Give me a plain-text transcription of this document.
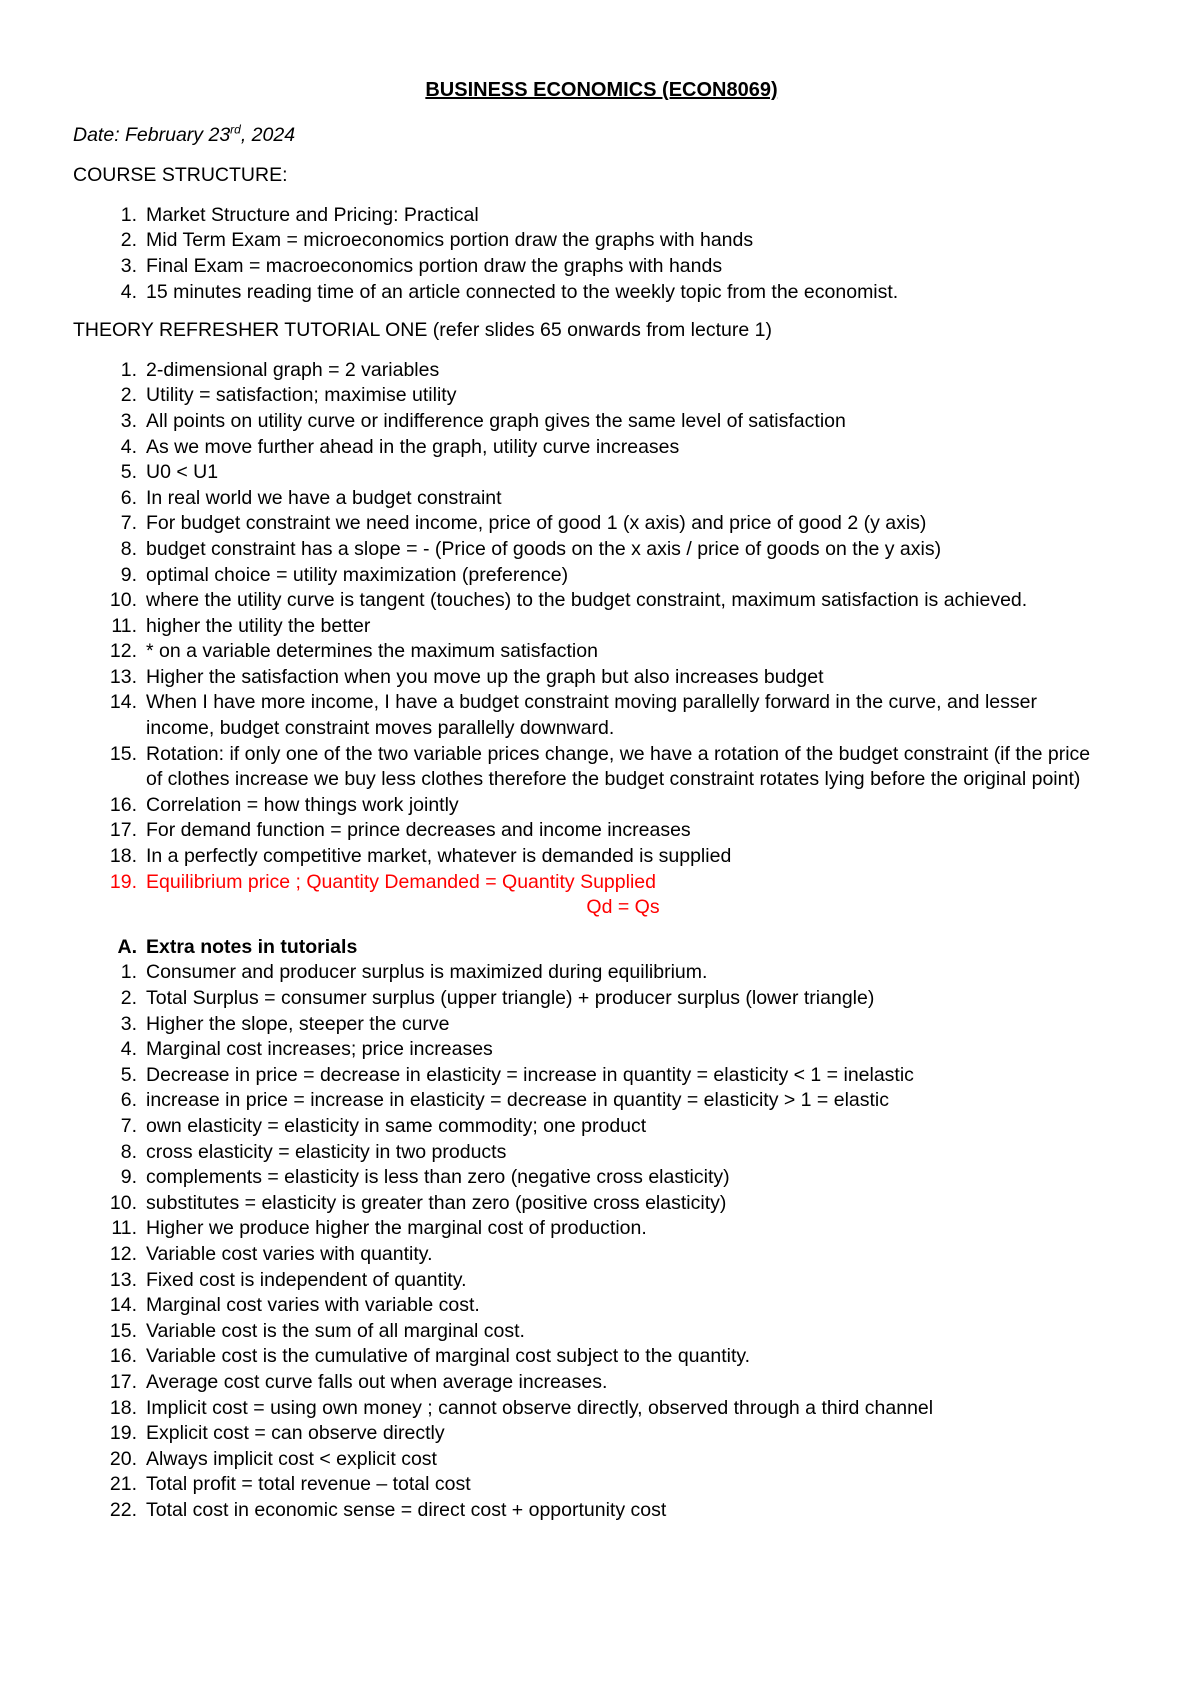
BUSINESS ECONOMICS (ECON8069)
Date: February 23rd, 2024
COURSE STRUCTURE:
1. Market Structure and Pricing: Practical
2. Mid Term Exam = microeconomics portion draw the graphs with hands
3. Final Exam = macroeconomics portion draw the graphs with hands
4. 15 minutes reading time of an article connected to the weekly topic from the economist.
THEORY REFRESHER TUTORIAL ONE (refer slides 65 onwards from lecture 1)
1. 2-dimensional graph = 2 variables
2. Utility = satisfaction; maximise utility
3. All points on utility curve or indifference graph gives the same level of satisfaction
4. As we move further ahead in the graph, utility curve increases
5. U0 < U1
6. In real world we have a budget constraint
7. For budget constraint we need income, price of good 1 (x axis) and price of good 2 (y axis)
8. budget constraint has a slope = - (Price of goods on the x axis / price of goods on the y axis)
9. optimal choice = utility maximization (preference)
10. where the utility curve is tangent (touches) to the budget constraint, maximum satisfaction is achieved.
11. higher the utility the better
12. * on a variable determines the maximum satisfaction
13. Higher the satisfaction when you move up the graph but also increases budget
14. When I have more income, I have a budget constraint moving parallelly forward in the curve, and lesser income, budget constraint moves parallelly downward.
15. Rotation: if only one of the two variable prices change, we have a rotation of the budget constraint (if the price of clothes increase we buy less clothes therefore the budget constraint rotates lying before the original point)
16. Correlation = how things work jointly
17. For demand function = prince decreases and income increases
18. In a perfectly competitive market, whatever is demanded is supplied
19. Equilibrium price ; Quantity Demanded = Quantity Supplied
Qd = Qs
A. Extra notes in tutorials
1. Consumer and producer surplus is maximized during equilibrium.
2. Total Surplus = consumer surplus (upper triangle) + producer surplus (lower triangle)
3. Higher the slope, steeper the curve
4. Marginal cost increases; price increases
5. Decrease in price = decrease in elasticity = increase in quantity = elasticity < 1 = inelastic
6. increase in price = increase in elasticity = decrease in quantity = elasticity > 1 = elastic
7. own elasticity = elasticity in same commodity; one product
8. cross elasticity = elasticity in two products
9. complements = elasticity is less than zero (negative cross elasticity)
10. substitutes = elasticity is greater than zero (positive cross elasticity)
11. Higher we produce higher the marginal cost of production.
12. Variable cost varies with quantity.
13. Fixed cost is independent of quantity.
14. Marginal cost varies with variable cost.
15. Variable cost is the sum of all marginal cost.
16. Variable cost is the cumulative of marginal cost subject to the quantity.
17. Average cost curve falls out when average increases.
18. Implicit cost = using own money ; cannot observe directly, observed through a third channel
19. Explicit cost = can observe directly
20. Always implicit cost < explicit cost
21. Total profit = total revenue – total cost
22. Total cost in economic sense = direct cost + opportunity cost
